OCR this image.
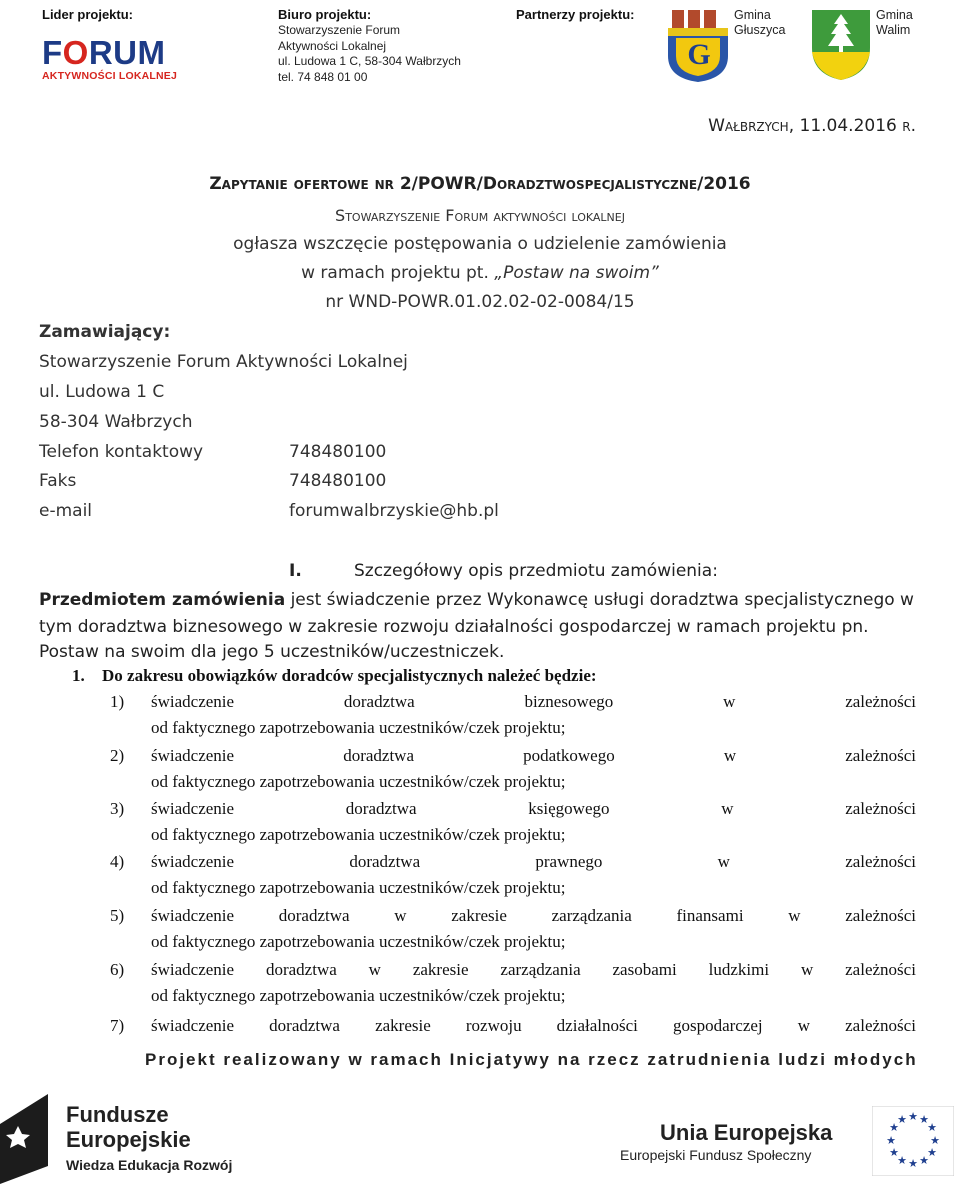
Lider projektu:
FORUM
AKTYWNOŚCI LOKALNEJ
Biuro projektu:
Stowarzyszenie Forum
Aktywności Lokalnej
ul. Ludowa 1 C, 58-304 Wałbrzych
tel. 74 848 01 00
Partnerzy projektu:
G
Gmina
Głuszyca
Gmina
Walim
Wałbrzych, 11.04.2016 r.
Zapytanie ofertowe nr 2/POWR/Doradztwospecjalistyczne/2016
Stowarzyszenie Forum aktywności lokalnej
ogłasza wszczęcie postępowania o udzielenie zamówienia
w ramach projektu pt. „Postaw na swoim”
nr WND-POWR.01.02.02-02-0084/15
Zamawiający:
Stowarzyszenie Forum Aktywności Lokalnej
ul. Ludowa 1 C
58-304 Wałbrzych
Telefon kontaktowy	748480100
Faks	748480100
e-mail	forumwalbrzyskie@hb.pl
I.	Szczegółowy opis przedmiotu zamówienia:
Przedmiotem zamówienia jest świadczenie przez Wykonawcę usługi doradztwa specjalistycznego w
tym doradztwa biznesowego w zakresie rozwoju działalności gospodarczej w ramach projektu pn.
Postaw na swoim dla jego 5 uczestników/uczestniczek.
1. Do zakresu obowiązków doradców specjalistycznych należeć będzie:
1) świadczenie	doradztwa	biznesowego	w	zależności
od faktycznego zapotrzebowania uczestników/czek projektu;
2) świadczenie	doradztwa	podatkowego	w	zależności
od faktycznego zapotrzebowania uczestników/czek projektu;
3) świadczenie	doradztwa	księgowego	w	zależności
od faktycznego zapotrzebowania uczestników/czek projektu;
4) świadczenie	doradztwa	prawnego	w	zależności
od faktycznego zapotrzebowania uczestników/czek projektu;
5) świadczenie	doradztwa	w	zakresie	zarządzania	finansami	w	zależności
od faktycznego zapotrzebowania uczestników/czek projektu;
6) świadczenie doradztwa w zakresie zarządzania zasobami ludzkimi w zależności
od faktycznego zapotrzebowania uczestników/czek projektu;
7) świadczenie doradztwa zakresie rozwoju działalności gospodarczej w zależności
Projekt realizowany w ramach Inicjatywy na rzecz zatrudnienia ludzi młodych
Fundusze
Europejskie
Wiedza Edukacja Rozwój
Unia Europejska
Europejski Fundusz Społeczny
★ ★
★
★
★
★
★
★
★
★
★
★
